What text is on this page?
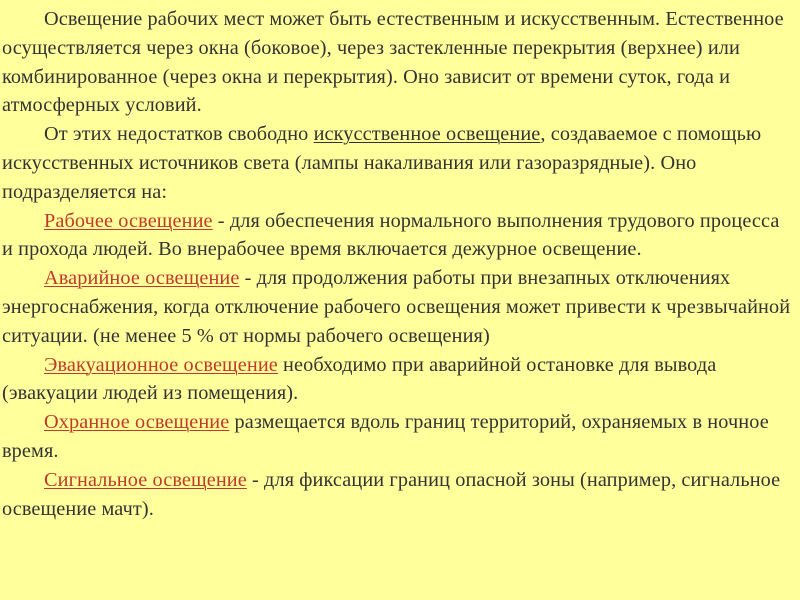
Освещение рабочих мест может быть естественным и искусственным. Естественное осуществляется через окна (боковое), через застекленные перекрытия (верхнее) или комбинированное (через окна и перекрытия). Оно зависит от времени суток, года и атмосферных условий.

От этих недостатков свободно искусственное освещение, создаваемое с помощью искусственных источников света (лампы накаливания или газоразрядные). Оно подразделяется на:

Рабочее освещение - для обеспечения нормального выполнения трудового процесса и прохода людей. Во внерабочее время включается дежурное освещение.

Аварийное освещение - для продолжения работы при внезапных отключениях энергоснабжения, когда отключение рабочего освещения может привести к чрезвычайной ситуации. (не менее 5 % от нормы рабочего освещения)

Эвакуационное освещение необходимо при аварийной остановке для вывода (эвакуации людей из помещения).

Охранное освещение размещается вдоль границ территорий, охраняемых в ночное время.

Сигнальное освещение - для фиксации границ опасной зоны (например, сигнальное освещение мачт).
